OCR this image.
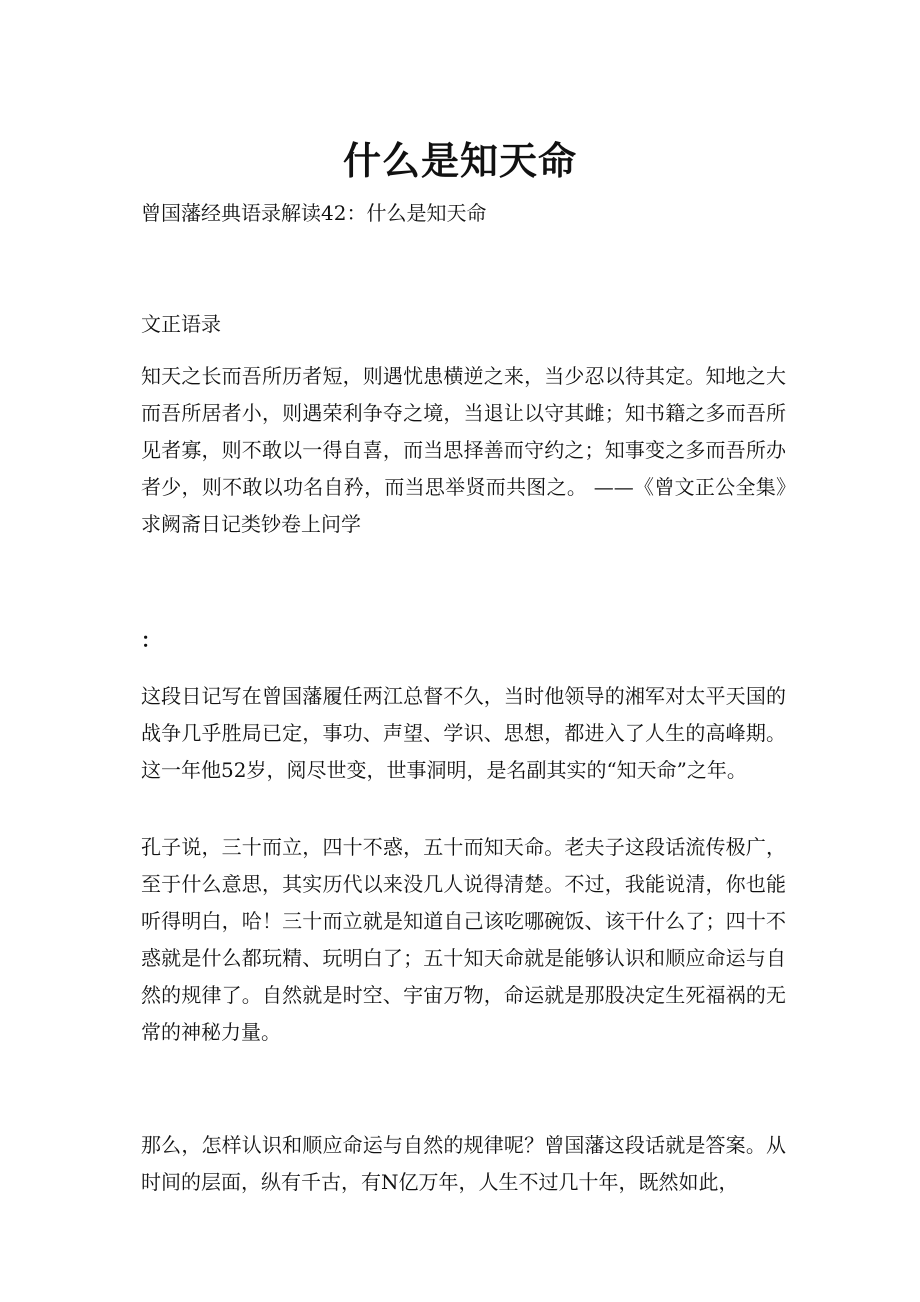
什么是知天命

曾国藩经典语录解读42：什么是知天命

文正语录

知天之长而吾所历者短，则遇忧患横逆之来，当少忍以待其定。知地之大而吾所居者小，则遇荣利争夺之境，当退让以守其雌；知书籍之多而吾所见者寡，则不敢以一得自喜，而当思择善而守约之；知事变之多而吾所办者少，则不敢以功名自矜，而当思举贤而共图之。 ——《曾文正公全集》求阙斋日记类钞卷上问学

：

这段日记写在曾国藩履任两江总督不久，当时他领导的湘军对太平天国的战争几乎胜局已定，事功、声望、学识、思想，都进入了人生的高峰期。这一年他52岁，阅尽世变，世事洞明，是名副其实的“知天命”之年。

孔子说，三十而立，四十不惑，五十而知天命。老夫子这段话流传极广，至于什么意思，其实历代以来没几人说得清楚。不过，我能说清，你也能听得明白，哈！三十而立就是知道自己该吃哪碗饭、该干什么了；四十不惑就是什么都玩精、玩明白了；五十知天命就是能够认识和顺应命运与自然的规律了。自然就是时空、宇宙万物，命运就是那股决定生死福祸的无常的神秘力量。

那么，怎样认识和顺应命运与自然的规律呢？曾国藩这段话就是答案。从时间的层面，纵有千古，有N亿万年，人生不过几十年，既然如此，
